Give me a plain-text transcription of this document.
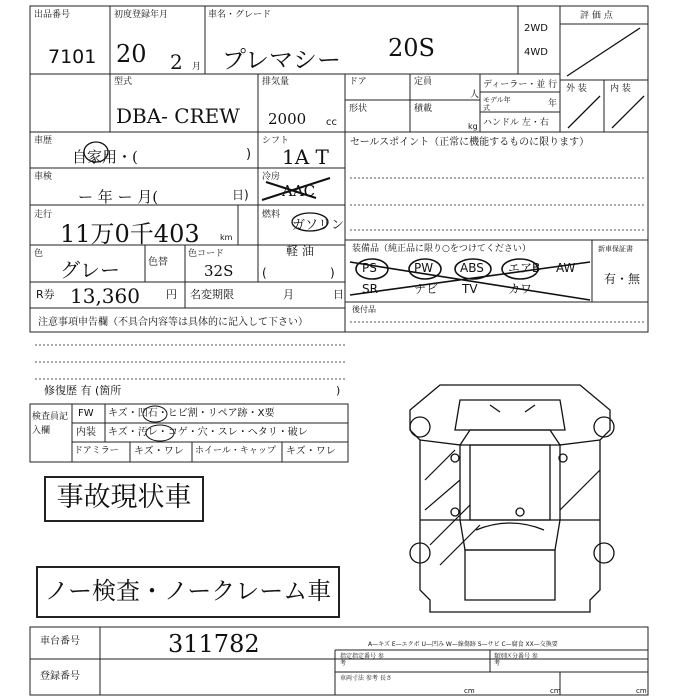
出品番号
7101
初度登録年月
20 2 月
車名・グレード
プレマシー 20S
2WD
4WD
評 価 点
外 装	内 装
型式
DBA- CREW
排気量
2000 cc
ドア	定員
人
形状	積載
kg
ディーラー・並 行
モデル年式	年
ハンドル 左・右
車歴
自家用・(	)
シフト
1A T
セールスポイント（正常に機能するものに限ります）
車検
ー 年 ー 月(	日)
冷房
AAC
走行
11万0千403	km
燃料
ガソリン
軽 油
色
グレー	色替
色コード
32S (	)
装備品（純正品に限り○をつけてください）	新車保証書
有・無
PS	PW ABS エアB AW
SR	ナビ TV	カワ
後付品
R券 13,360 円 名変期限	月	日
注意事項申告欄（不具合内容等は具体的に記入して下さい）
修復歴 有 (箇所	)
検査員記入欄
FW キズ・凹石・ヒビ割・リペア跡・X要
内装 キズ・汚レ・コゲ・穴・スレ・ヘタリ・破レ
ドアミラー キズ・ワレ ホイール・キャップ キズ・ワレ
事故現状車
ノー検査・ノークレーム車
車台番号	311782
登録番号
A—キズ E—エクボ U—凹み W—線傷跡 S—サビ C—腐食 XX—交換要
指定指定番号 参考
類別区分番号 参考
車両寸法 参考 長さ
cm	cm	cm
